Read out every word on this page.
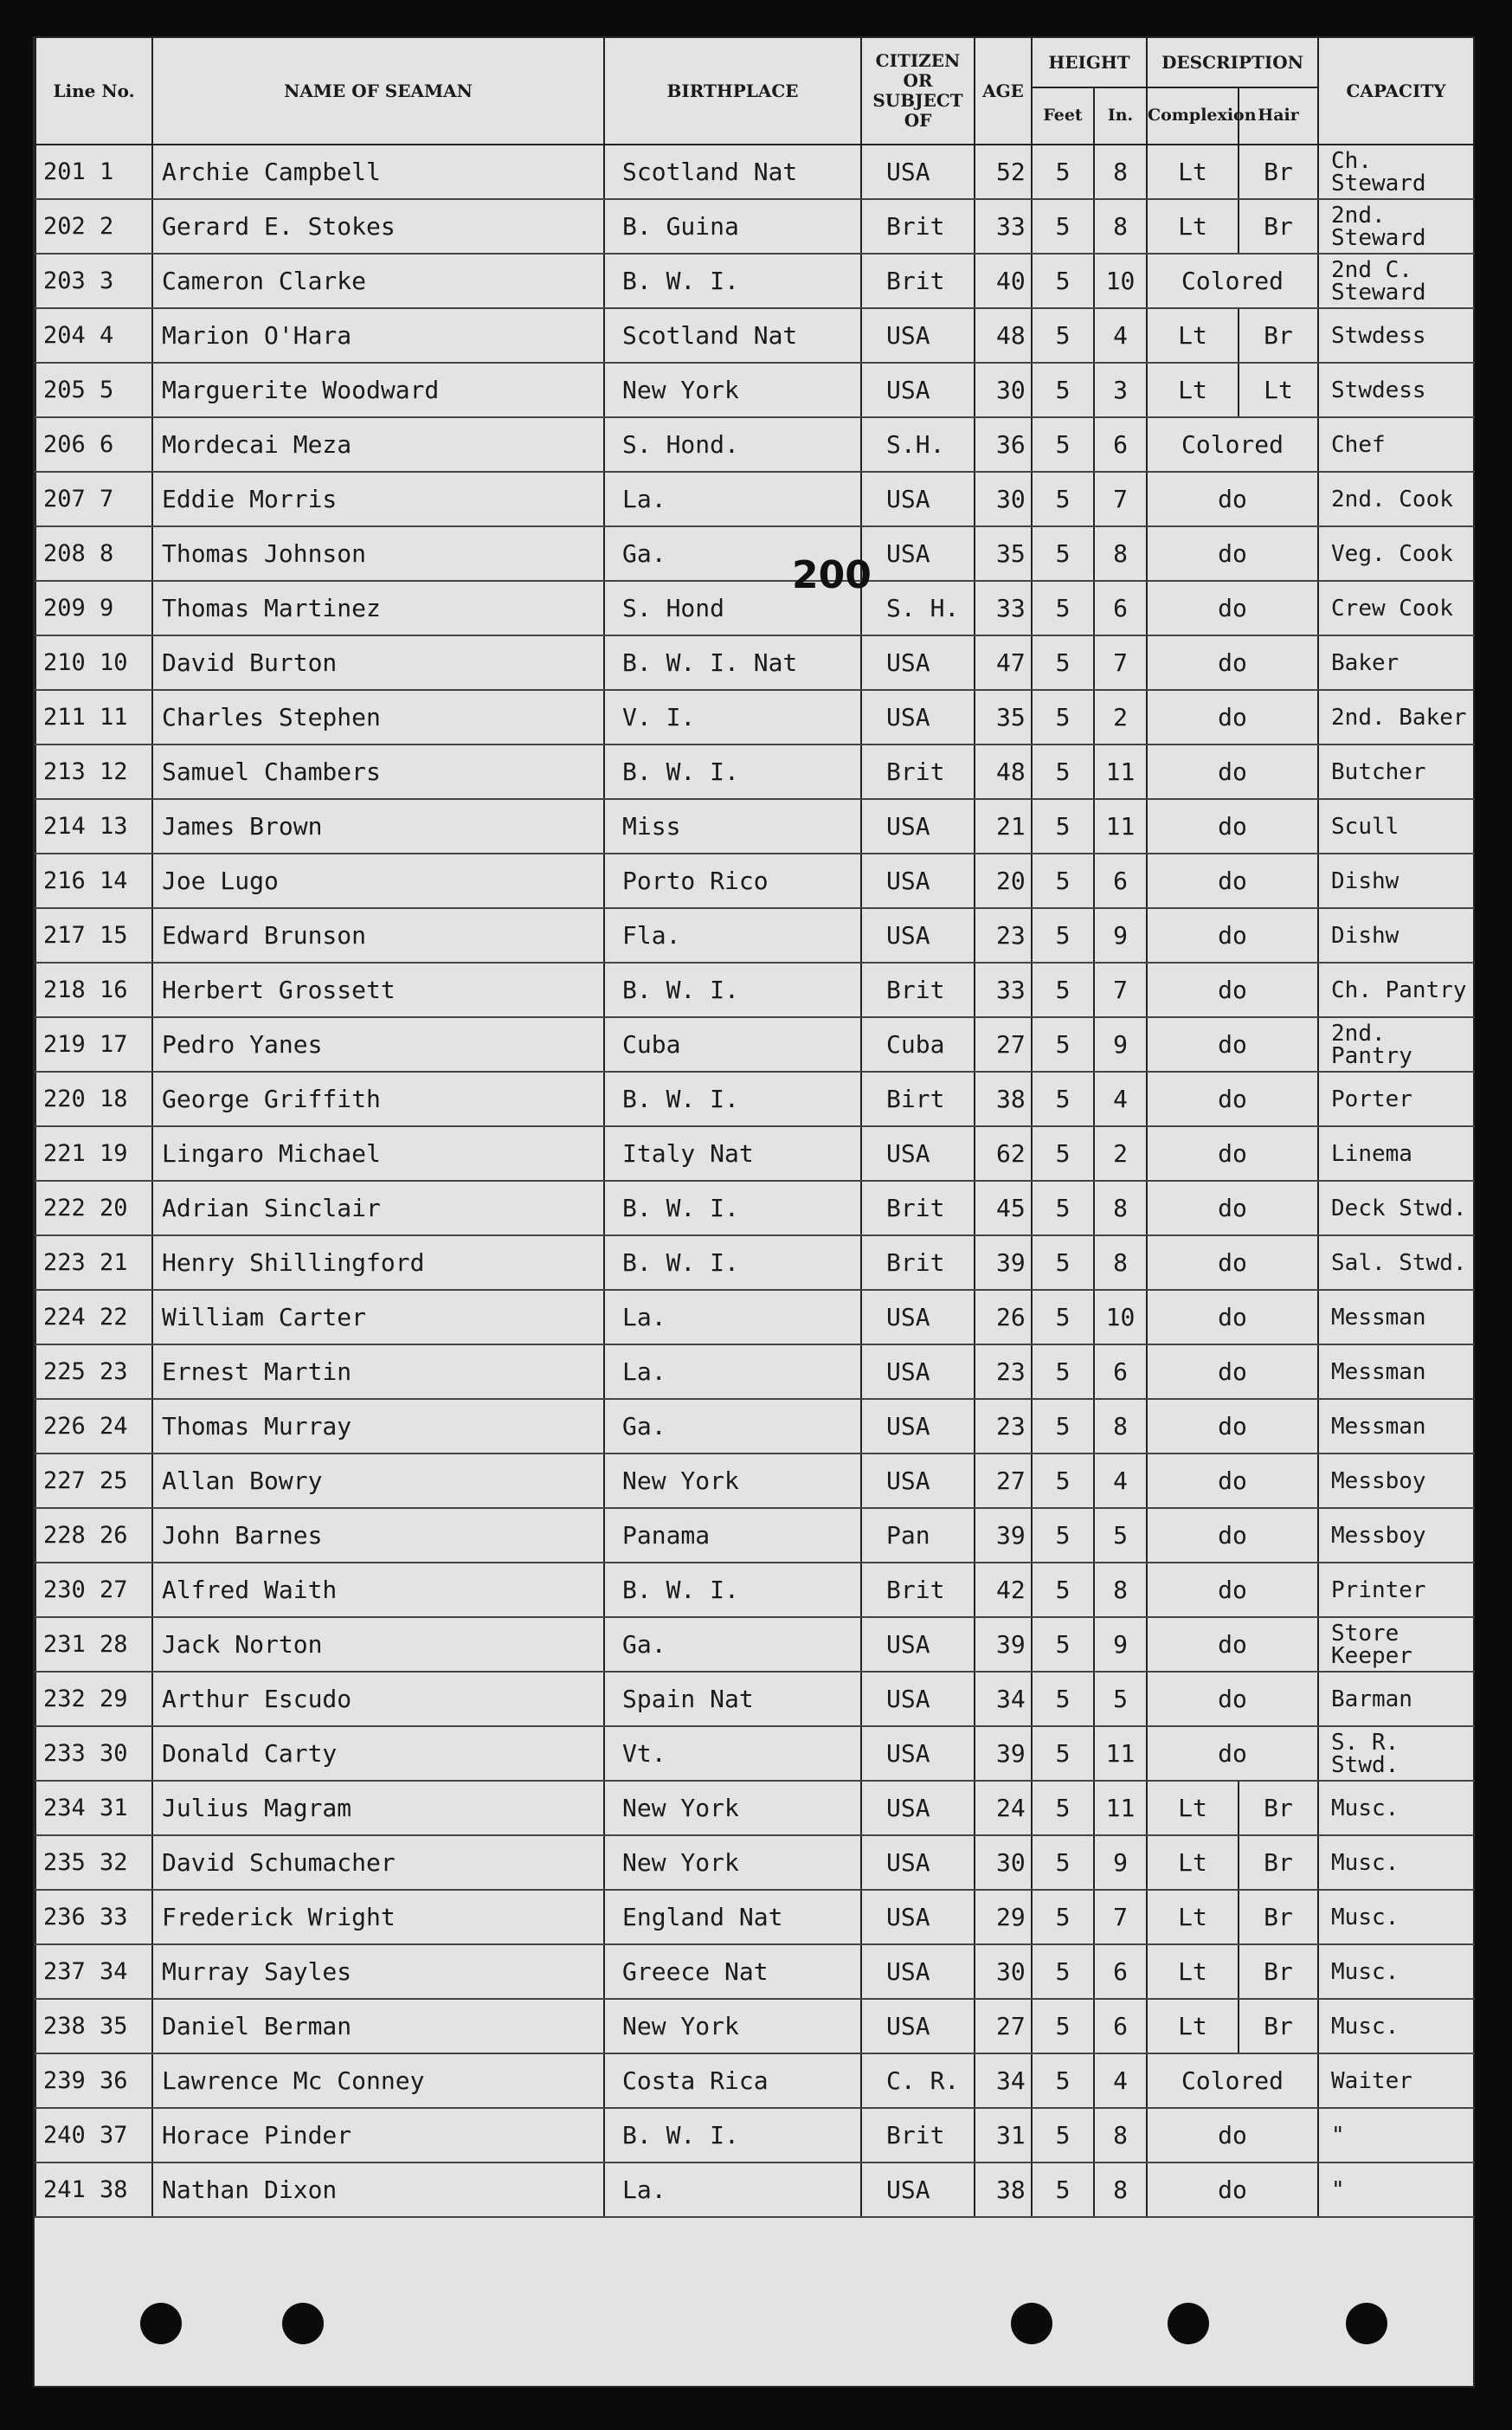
Line No.	NAME OF SEAMAN	BIRTHPLACE	CITIZEN OR SUBJECT OF	AGE	HEIGHT		DESCRIPTION		CAPACITY
					Feet	In.	Complexion	Hair	
201 1	Archie Campbell	Scotland Nat	USA	52	5	8	Lt	Br	Ch. Steward
202 2	Gerard E. Stokes	B. Guina	Brit	33	5	8	Lt	Br	2nd. Steward
203 3	Cameron Clarke	B. W. I.	Brit	40	5	10	Colored		2nd C. Steward
204 4	Marion O'Hara	Scotland Nat	USA	48	5	4	Lt	Br	Stwdess
205 5	Marguerite Woodward	New York	USA	30	5	3	Lt	Lt	Stwdess
206 6	Mordecai Meza	S. Hond.	S.H.	36	5	6	Colored		Chef
207 7	Eddie Morris	La.	USA	30	5	7	do		2nd. Cook
208 8	Thomas Johnson	Ga.	USA	35	5	8	do		Veg. Cook
209 9	Thomas Martinez	S. Hond	S. H.	33	5	6	do		Crew Cook
210 10	David Burton	B. W. I. Nat	USA	47	5	7	do		Baker
211 11	Charles Stephen	V. I.	USA	35	5	2	do		2nd. Baker
213 12	Samuel Chambers	B. W. I.	Brit	48	5	11	do		Butcher
214 13	James Brown	Miss	USA	21	5	11	do		Scull
216 14	Joe Lugo	Porto Rico	USA	20	5	6	do		Dishw
217 15	Edward Brunson	Fla.	USA	23	5	9	do		Dishw
218 16	Herbert Grossett	B. W. I.	Brit	33	5	7	do		Ch. Pantry
219 17	Pedro Yanes	Cuba	Cuba	27	5	9	do		2nd. Pantry
220 18	George Griffith	B. W. I.	Birt	38	5	4	do		Porter
221 19	Lingaro Michael	Italy Nat	USA	62	5	2	do		Linema
222 20	Adrian Sinclair	B. W. I.	Brit	45	5	8	do		Deck Stwd.
223 21	Henry Shillingford	B. W. I.	Brit	39	5	8	do		Sal. Stwd.
224 22	William Carter	La.	USA	26	5	10	do		Messman
225 23	Ernest Martin	La.	USA	23	5	6	do		Messman
226 24	Thomas Murray	Ga.	USA	23	5	8	do		Messman
227 25	Allan Bowry	New York	USA	27	5	4	do		Messboy
228 26	John Barnes	Panama	Pan	39	5	5	do		Messboy
230 27	Alfred Waith	B. W. I.	Brit	42	5	8	do		Printer
231 28	Jack Norton	Ga.	USA	39	5	9	do		Store Keeper
232 29	Arthur Escudo	Spain Nat	USA	34	5	5	do		Barman
233 30	Donald Carty	Vt.	USA	39	5	11	do		S. R. Stwd.
234 31	Julius Magram	New York	USA	24	5	11	Lt	Br	Musc.
235 32	David Schumacher	New York	USA	30	5	9	Lt	Br	Musc.
236 33	Frederick Wright	England Nat	USA	29	5	7	Lt	Br	Musc.
237 34	Murray Sayles	Greece Nat	USA	30	5	6	Lt	Br	Musc.
238 35	Daniel Berman	New York	USA	27	5	6	Lt	Br	Musc.
239 36	Lawrence Mc Conney	Costa Rica	C. R.	34	5	4	Colored		Waiter
240 37	Horace Pinder	B. W. I.	Brit	31	5	8	do		"
241 38	Nathan Dixon	La.	USA	38	5	8	do		"
200
